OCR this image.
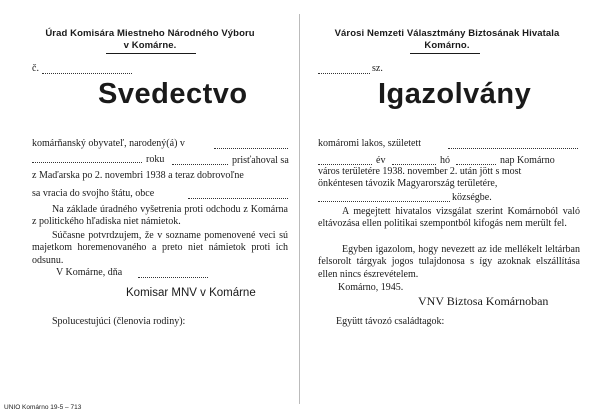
Úrad Komisára Miestneho Národného Výboru
v Komárne.
č.
Svedectvo
komárňanský obyvateľ, narodený(á) v
roku	prisťahoval sa
z Maďarska po 2. novembri 1938 a teraz dobrovoľne
sa vracia do svojho štátu, obce
Na základe úradného vyšetrenia proti odchodu z Komárna z politického hľadiska niet námietok.
Súčasne potvrdzujem, že v sozname pomenovené veci sú majetkom horemenovaného a preto niet námietok proti ich odsunu.
V Komárne, dňa
Komisar MNV v Komárne
Spolucestujúci (členovia rodiny):
Városi Nemzeti Választmány Biztosának Hivatala
Komárno.
sz.
Igazolvány
komáromi lakos, született
év	hó	nap Komárno
város területére 1938. november 2. után jött s most
önkéntesen távozik Magyarország területére,
községbe.
A megejtett hivatalos vizsgálat szerint Komárnoból való eltávozása ellen politikai szempontból kifogás nem merült fel.
Egyben igazolom, hogy nevezett az ide mellékelt leltárban felsorolt tárgyak jogos tulajdonosa s így azoknak elszállítása ellen nincs észrevételem.
Komárno, 1945.
VNV Biztosa Komárnoban
Együtt távozó családtagok:
UNIO Komárno 19-5 – 713
